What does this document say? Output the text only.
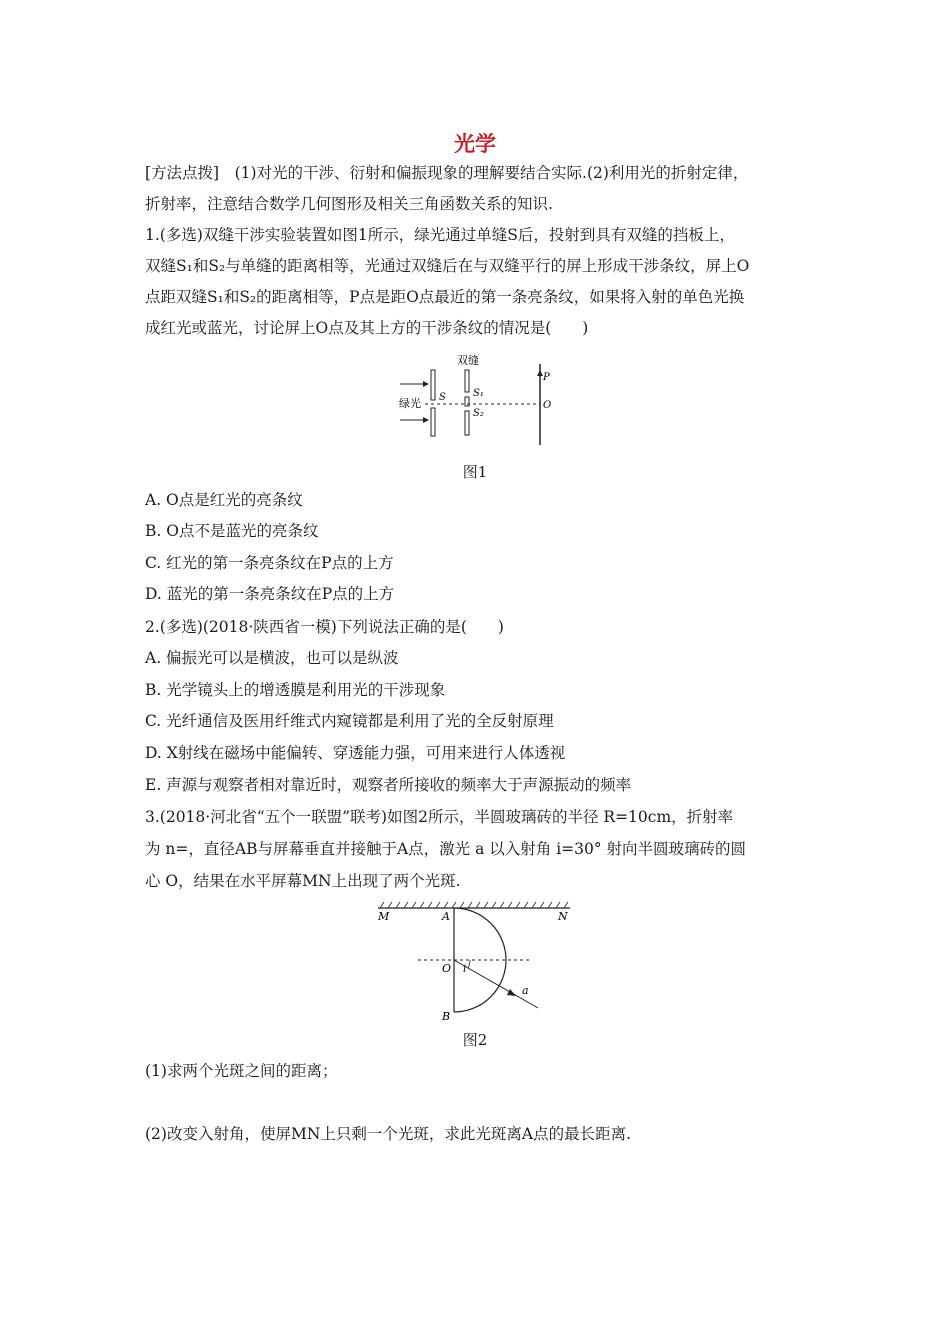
光学
[方法点拨]　(1)对光的干涉、衍射和偏振现象的理解要结合实际.(2)利用光的折射定律，
折射率，注意结合数学几何图形及相关三角函数关系的知识.
1.(多选)双缝干涉实验装置如图1所示，绿光通过单缝S后，投射到具有双缝的挡板上，
双缝S₁和S₂与单缝的距离相等，光通过双缝后在与双缝平行的屏上形成干涉条纹，屏上O
点距双缝S₁和S₂的距离相等，P点是距O点最近的第一条亮条纹，如果将入射的单色光换
成红光或蓝光，讨论屏上O点及其上方的干涉条纹的情况是(　　)
双缝
绿光 S	S₁
S₂
P
O
图1
A. O点是红光的亮条纹
B. O点不是蓝光的亮条纹
C. 红光的第一条亮条纹在P点的上方
D. 蓝光的第一条亮条纹在P点的上方
2.(多选)(2018·陕西省一模)下列说法正确的是(　　)
A. 偏振光可以是横波，也可以是纵波
B. 光学镜头上的增透膜是利用光的干涉现象
C. 光纤通信及医用纤维式内窥镜都是利用了光的全反射原理
D. X射线在磁场中能偏转、穿透能力强，可用来进行人体透视
E. 声源与观察者相对靠近时，观察者所接收的频率大于声源振动的频率
3.(2018·河北省“五个一联盟”联考)如图2所示，半圆玻璃砖的半径 R=10cm，折射率
为 n=，直径AB与屏幕垂直并接触于A点，激光 a 以入射角 i=30° 射向半圆玻璃砖的圆
心 O，结果在水平屏幕MN上出现了两个光斑.
M	N
A
B
O i
a
图2
(1)求两个光斑之间的距离；
(2)改变入射角，使屏MN上只剩一个光斑，求此光斑离A点的最长距离.
